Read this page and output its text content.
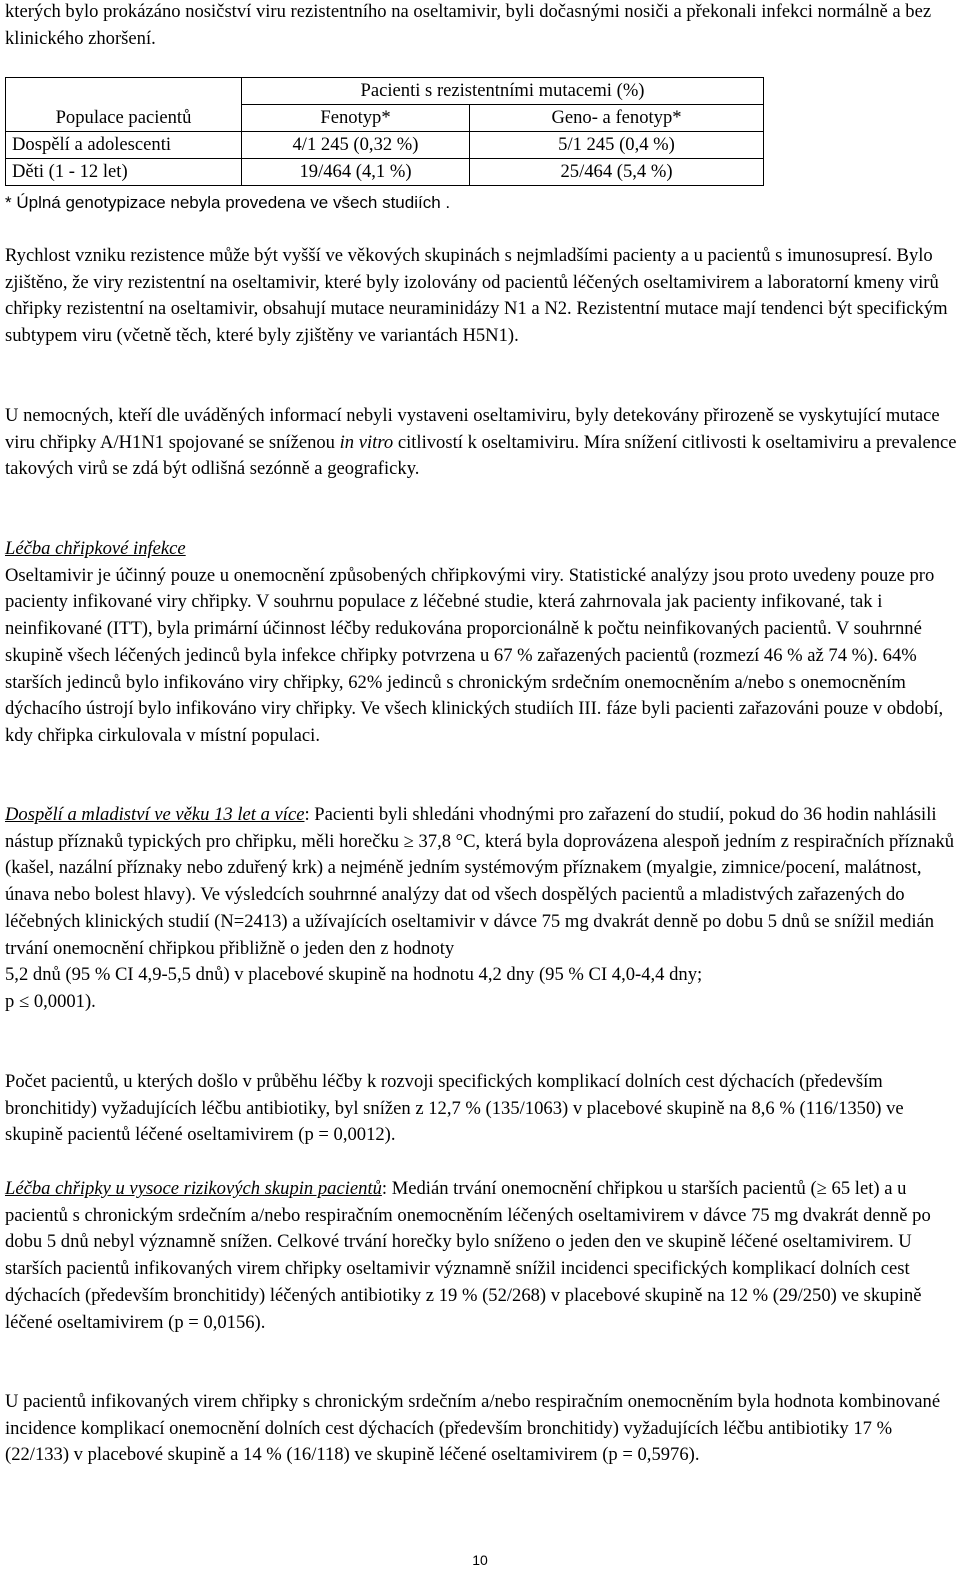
kterých bylo prokázáno nosičství viru rezistentního na oseltamivir, byli dočasnými nosiči a překonali infekci normálně a bez klinického zhoršení.

	Pacienti s rezistentními mutacemi (%)	
Populace pacientů	Fenotyp*	Geno- a fenotyp*
Dospělí a adolescenti	4/1 245 (0,32 %)	5/1 245 (0,4 %)
Děti (1 - 12 let)	19/464 (4,1 %)	25/464 (5,4 %)
* Úplná genotypizace nebyla provedena ve všech studiích .

Rychlost vzniku rezistence může být vyšší ve věkových skupinách s nejmladšími pacienty a u pacientů s imunosupresí. Bylo zjištěno, že viry rezistentní na oseltamivir, které byly izolovány od pacientů léčených oseltamivirem a laboratorní kmeny virů chřipky rezistentní na oseltamivir, obsahují mutace neuraminidázy N1 a N2. Rezistentní mutace mají tendenci být specifickým subtypem viru (včetně těch, které byly zjištěny ve variantách H5N1).

U nemocných, kteří dle uváděných informací nebyli vystaveni oseltamiviru, byly detekovány přirozeně se vyskytující mutace viru chřipky A/H1N1 spojované se sníženou in vitro citlivostí k oseltamiviru. Míra snížení citlivosti k oseltamiviru a prevalence takových virů se zdá být odlišná sezónně a geograficky.

Léčba chřipkové infekce
Oseltamivir je účinný pouze u onemocnění způsobených chřipkovými viry. Statistické analýzy jsou proto uvedeny pouze pro pacienty infikované viry chřipky. V souhrnu populace z léčebné studie, která zahrnovala jak pacienty infikované, tak i neinfikované (ITT), byla primární účinnost léčby redukována proporcionálně k počtu neinfikovaných pacientů. V souhrnné skupině všech léčených jedinců byla infekce chřipky potvrzena u 67 % zařazených pacientů (rozmezí 46 % až 74 %). 64% starších jedinců bylo infikováno viry chřipky, 62% jedinců s chronickým srdečním onemocněním a/nebo s onemocněním dýchacího ústrojí bylo infikováno viry chřipky. Ve všech klinických studiích III. fáze byli pacienti zařazováni pouze v období, kdy chřipka cirkulovala v místní populaci.

Dospělí a mladiství ve věku 13 let a více: Pacienti byli shledáni vhodnými pro zařazení do studií, pokud do 36 hodin nahlásili nástup příznaků typických pro chřipku, měli horečku ≥ 37,8 °C, která byla doprovázena alespoň jedním z respiračních příznaků (kašel, nazální příznaky nebo zduřený krk) a nejméně jedním systémovým příznakem (myalgie, zimnice/pocení, malátnost, únava nebo bolest hlavy). Ve výsledcích souhrnné analýzy dat od všech dospělých pacientů a mladistvých zařazených do léčebných klinických studií (N=2413) a užívajících oseltamivir v dávce 75 mg dvakrát denně po dobu 5 dnů se snížil medián trvání onemocnění chřipkou přibližně o jeden den z hodnoty
5,2 dnů (95 % CI 4,9-5,5 dnů) v placebové skupině na hodnotu 4,2 dny (95 % CI 4,0-4,4 dny;
p ≤ 0,0001).

Počet pacientů, u kterých došlo v průběhu léčby k rozvoji specifických komplikací dolních cest dýchacích (především bronchitidy) vyžadujících léčbu antibiotiky, byl snížen z 12,7 % (135/1063) v placebové skupině na 8,6 % (116/1350) ve skupině pacientů léčené oseltamivirem (p = 0,0012).

Léčba chřipky u vysoce rizikových skupin pacientů: Medián trvání onemocnění chřipkou u starších pacientů (≥ 65 let) a u pacientů s chronickým srdečním a/nebo respiračním onemocněním léčených oseltamivirem v dávce 75 mg dvakrát denně po dobu 5 dnů nebyl významně snížen. Celkové trvání horečky bylo sníženo o jeden den ve skupině léčené oseltamivirem. U starších pacientů infikovaných virem chřipky oseltamivir významně snížil incidenci specifických komplikací dolních cest dýchacích (především bronchitidy) léčených antibiotiky z 19 % (52/268) v placebové skupině na 12 % (29/250) ve skupině léčené oseltamivirem (p = 0,0156).

U pacientů infikovaných virem chřipky s chronickým srdečním a/nebo respiračním onemocněním byla hodnota kombinované incidence komplikací onemocnění dolních cest dýchacích (především bronchitidy) vyžadujících léčbu antibiotiky 17 % (22/133) v placebové skupině a 14 % (16/118) ve skupině léčené oseltamivirem (p = 0,5976).

10
